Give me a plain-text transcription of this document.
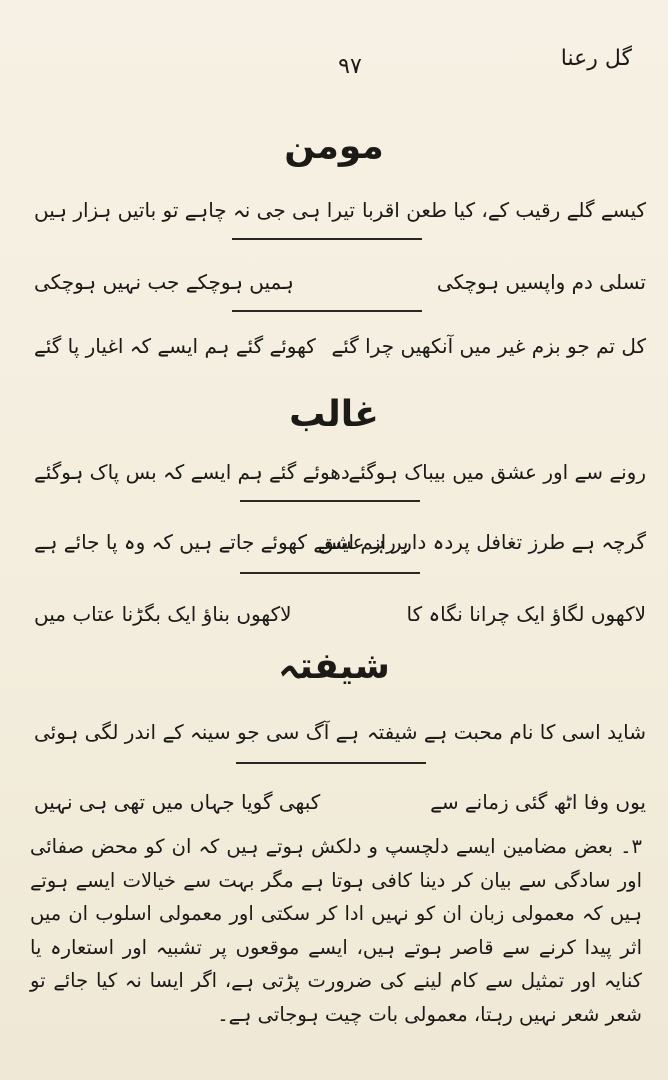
گل رعنا
۹۷
مومن
کیسے گلے رقیب کے، کیا طعن اقربا
تیرا ہی جی نہ چاہے تو باتیں ہزار ہیں
تسلی دم واپسیں ہوچکی
ہمیں ہوچکے جب نہیں ہوچکی
کل تم جو بزم غیر میں آنکھیں چرا گئے
کھوئے گئے ہم ایسے کہ اغیار پا گئے
غالب
رونے سے اور عشق میں بیباک ہوگئے
دھوئے گئے ہم ایسے کہ بس پاک ہوگئے
گرچہ ہے طرز تغافل پردہ دار راز عشق
پر ہم ایسے کھوئے جاتے ہیں کہ وہ پا جائے ہے
لاکھوں لگاؤ ایک چرانا نگاہ کا
لاکھوں بناؤ ایک بگڑنا عتاب میں
شیفتہ
شاید اسی کا نام محبت ہے شیفتہ
ہے آگ سی جو سینہ کے اندر لگی ہوئی
یوں وفا اٹھ گئی زمانے سے
کبھی گویا جہاں میں تھی ہی نہیں

۳۔ بعض مضامین ایسے دلچسپ و دلکش ہوتے ہیں کہ ان کو محض صفائی اور سادگی سے بیان کر دینا کافی ہوتا ہے مگر بہت سے خیالات ایسے ہوتے ہیں کہ معمولی زبان ان کو نہیں ادا کر سکتی اور معمولی اسلوب ان میں اثر پیدا کرنے سے قاصر ہوتے ہیں، ایسے موقعوں پر تشبیہ اور استعارہ یا کنایہ اور تمثیل سے کام لینے کی ضرورت پڑتی ہے، اگر ایسا نہ کیا جائے تو شعر شعر نہیں رہتا، معمولی بات چیت ہوجاتی ہے۔
